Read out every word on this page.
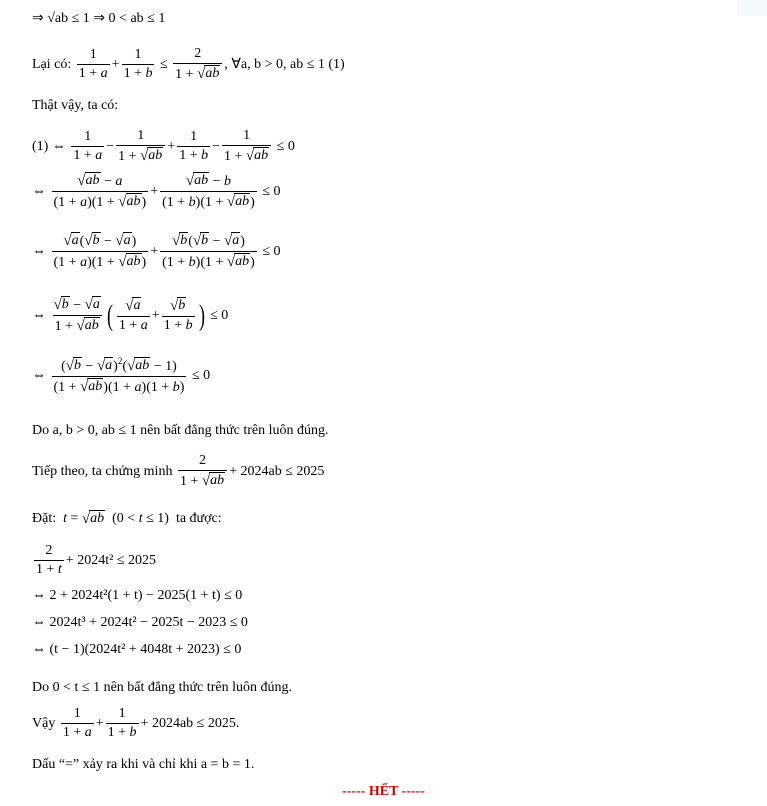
⇒ √ab ≤ 1 ⇒ 0 < ab ≤ 1
Lại có:
$\frac{1}{1 + a} + \frac{1}{1 + b} \le \frac{2}{1 + √ ab}$ , ∀a, b > 0, ab ≤ 1 (1)
Thật vậy, ta có:
(1) ⇔ $\frac{1}{1 + a} - \frac{1}{1 + √ ab} + \frac{1}{1 + b} - \frac{1}{1 + √ ab} \le 0$
⇔ $\frac{√ ab - a}{(1 + a)(1 + √ ab )} + \frac{√ ab - b}{(1 + b)(1 + √ ab )} \le 0$
⇔ $\frac{√ a ( √ b - √ a )}{(1 + a)(1 + √ ab )} + \frac{√ b ( √ b - √ a )}{(1 + b)(1 + √ ab )} \le 0$
⇔ $\frac{√ b - √ a}{1 + √ ab}$ ( $\frac{√ a}{1 + a} + \frac{√ b}{1 + b}$ ) ≤ 0
⇔ $\frac{( √ b - √ a )^2( √ ab - 1)}{(1 + √ ab )(1 + a)(1 + b)} \le 0$
Do a, b > 0, ab ≤ 1 nên bất đẳng thức trên luôn đúng.
Tiếp theo, ta chứng minh
$\frac{2}{1 + √ ab} + 2024ab \le 2025$
Đặt: t = √ ab (0 < t ≤ 1) ta được:
$\frac{2}{1 + t} + 2024t^2 \le 2025$
⇔ 2 + 2024t²(1 + t) − 2025(1 + t) ≤ 0
⇔ 2024t³ + 2024t² − 2025t − 2023 ≤ 0
⇔ (t − 1)(2024t² + 4048t + 2023) ≤ 0
Do 0 < t ≤ 1 nên bất đẳng thức trên luôn đúng.
Vậy
$\frac{1}{1 + a} + \frac{1}{1 + b} + 2024ab \le 2025$.
Dấu “=” xảy ra khi và chỉ khi a = b = 1.
----- HẾT -----
